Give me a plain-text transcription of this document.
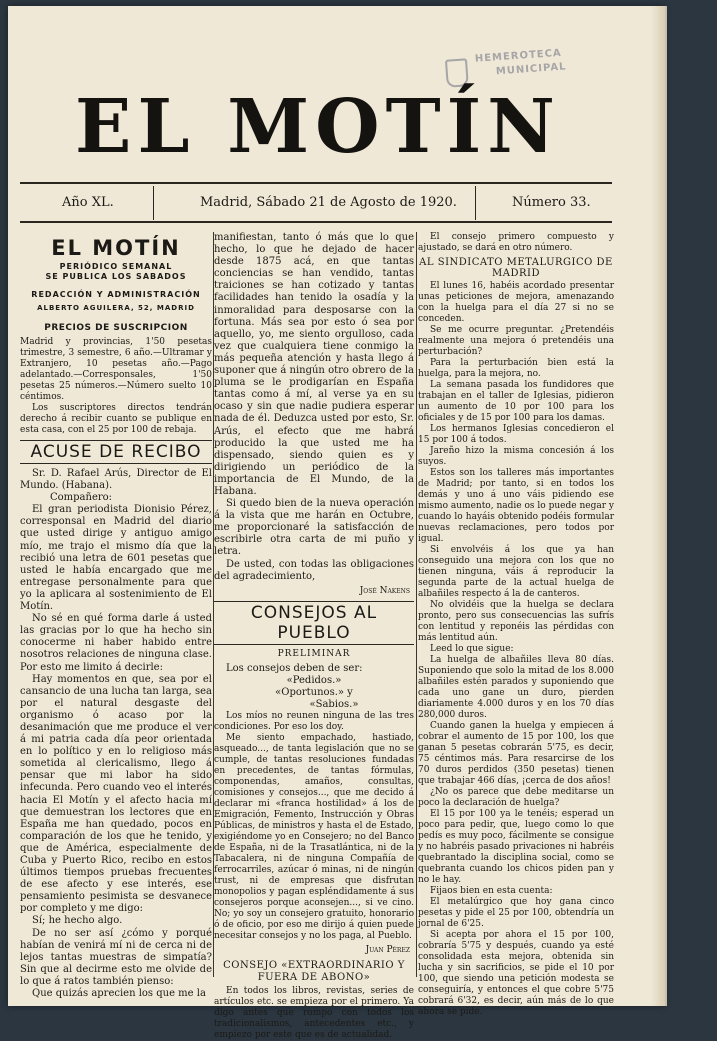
HEMEROTECA
MUNICIPAL
EL MOTÍN
Año XL.	Madrid, Sábado 21 de Agosto de 1920.	Número 33.
EL MOTÍN
PERIÓDICO SEMANAL
SE PUBLICA LOS SABADOS
REDACCIÓN Y ADMINISTRACIÓN
ALBERTO AGUILERA, 52, MADRID
PRECIOS DE SUSCRIPCION

Madrid y provincias, 1'50 pesetas trimestre, 3 semestre, 6 año.—Ultramar y Extranjero, 10 pesetas año.—Pago adelantado.—Corresponsales, 1'50 pesetas 25 números.—Número suelto 10 céntimos.

Los suscriptores directos tendrán derecho á recibir cuanto se publique en esta casa, con el 25 por 100 de rebaja.

ACUSE DE RECIBO

Sr. D. Rafael Arús, Director de El Mundo. (Habana).

Compañero:

El gran periodista Dionisio Pérez, corresponsal en Madrid del diario que usted dirige y antiguo amigo mío, me trajo el mismo día que la recibió una letra de 601 pesetas que usted le había encargado que me entregase personalmente para que yo la aplicara al sostenimiento de El Motín.

No sé en qué forma darle á usted las gracias por lo que ha hecho sin conocerme ni haber habido entre nosotros relaciones de ninguna clase. Por esto me limito á decirle:

Hay momentos en que, sea por el cansancio de una lucha tan larga, sea por el natural desgaste del organismo ó acaso por la desanimación que me produce el ver á mi patria cada día peor orientada en lo político y en lo religioso más sometida al clericalismo, llego á pensar que mi labor ha sido infecunda. Pero cuando veo el interés hacia El Motín y el afecto hacia mí que demuestran los lectores que en España me han quedado, pocos en comparación de los que he tenido, y que de América, especialmente de Cuba y Puerto Rico, recibo en estos últimos tiempos pruebas frecuentes de ese afecto y ese interés, ese pensamiento pesimista se desvanece por completo y me digo:

Sí; he hecho algo.

De no ser así ¿cómo y porqué habían de venirá mí ni de cerca ni de lejos tantas muestras de simpatía? Sin que al decirme esto me olvide de lo que á ratos también pienso:

Que quizás aprecien los que me la

manifiestan, tanto ó más que lo que hecho, lo que he dejado de hacer desde 1875 acá, en que tantas conciencias se han vendido, tantas traiciones se han cotizado y tantas facilidades han tenido la osadía y la inmoralidad para desposarse con la fortuna. Más sea por esto ó sea por aquello, yo, me siento orgulloso, cada vez que cualquiera tiene conmigo la más pequeña atención y hasta llego á suponer que á ningún otro obrero de la pluma se le prodigarían en España tantas como á mí, al verse ya en su ocaso y sin que nadie pudiera esperar nada de él. Deduzca usted por esto, Sr. Arús, el efecto que me habrá producido la que usted me ha dispensado, siendo quien es y dirigiendo un periódico de la importancia de El Mundo, de la Habana.

Si quedo bien de la nueva operación á la vista que me harán en Octubre, me proporcionaré la satisfacción de escribirle otra carta de mi puño y letra.

De usted, con todas las obligaciones del agradecimiento,

José Nakens
CONSEJOS AL PUEBLO
PRELIMINAR

Los consejos deben de ser:

«Pedidos.»

«Oportunos.» y

«Sabios.»

Los míos no reunen ninguna de las tres condiciones. Por eso los doy.

Me siento empachado, hastiado, asqueado..., de tanta legislación que no se cumple, de tantas resoluciones fundadas en precedentes, de tantas fórmulas, componendas, amaños, consultas, comisiones y consejos..., que me decido á declarar mi «franca hostilidad» á los de Emigración, Femento, Instrucción y Obras Públicas, de ministros y hasta el de Estado, exigiéndome yo en Consejero; no del Banco de España, ni de la Trasatlántica, ni de la Tabacalera, ni de ninguna Compañía de ferrocarriles, azúcar ó minas, ni de ningún trust, ni de empresas que disfrutan monopolios y pagan espléndidamente á sus consejeros porque aconsejen..., si ve cino. No; yo soy un consejero gratuito, honorario ó de oficio, por eso me dirijo á quien puede necesitar consejos y no los paga, al Pueblo.

Juan Pérez
CONSEJO «EXTRAORDINARIO Y FUERA DE ABONO»

En todos los libros, revistas, series de artículos etc. se empieza por el primero. Ya digo antes que rompo con todos los tradicionalismos, antecedentes etc., y empiezo por este que es de actualidad.

El consejo primero compuesto y ajustado, se dará en otro número.

AL SINDICATO METALURGICO DE MADRID

El lunes 16, habéis acordado presentar unas peticiones de mejora, amenazando con la huelga para el día 27 si no se conceden.

Se me ocurre preguntar. ¿Pretendéis realmente una mejora ó pretendéis una perturbación?

Para la perturbación bien está la huelga, para la mejora, no.

La semana pasada los fundidores que trabajan en el taller de Iglesias, pidieron un aumento de 10 por 100 para los oficiales y de 15 por 100 para los damas.

Los hermanos Iglesias concedieron el 15 por 100 á todos.

Jareño hizo la misma concesión á los suyos.

Estos son los talleres más importantes de Madrid; por tanto, si en todos los demás y uno á uno váis pidiendo ese mismo aumento, nadie os lo puede negar y cuando lo hayáis obtenido podéis formular nuevas reclamaciones, pero todos por igual.

Si envolvéis á los que ya han conseguido una mejora con los que no tienen ninguna, váis á reproducir la segunda parte de la actual huelga de albañiles respecto á la de canteros.

No olvidéis que la huelga se declara pronto, pero sus consecuencias las sufrís con lentitud y reponéis las pérdidas con más lentitud aún.

Leed lo que sigue:

La huelga de albañiles lleva 80 días. Suponiendo que solo la mitad de los 8.000 albañiles estén parados y suponiendo que cada uno gane un duro, pierden diariamente 4.000 duros y en los 70 días 280,000 duros.

Cuando ganen la huelga y empiecen á cobrar el aumento de 15 por 100, los que ganan 5 pesetas cobrarán 5'75, es decir, 75 céntimos más. Para resarcirse de los 70 duros perdidos (350 pesetas) tienen que trabajar 466 días, ¡cerca de dos años!

¿No os parece que debe meditarse un poco la declaración de huelga?

El 15 por 100 ya le tenéis; esperad un poco para pedir, que, luego como lo que pedís es muy poco, fácilmente se consigue y no habréis pasado privaciones ni habréis quebrantado la disciplina social, como se quebranta cuando los chicos piden pan y no le hay.

Fijaos bien en esta cuenta:

El metalúrgico que hoy gana cinco pesetas y pide el 25 por 100, obtendría un jornal de 6'25.

Si acepta por ahora el 15 por 100, cobraría 5'75 y después, cuando ya esté consolidada esta mejora, obtenida sin lucha y sin sacrificios, se pide el 10 por 100, que siendo una petición modesta se conseguiría, y entonces el que cobre 5'75 cobrará 6'32, es decir, aún más de lo que ahora se pide.
